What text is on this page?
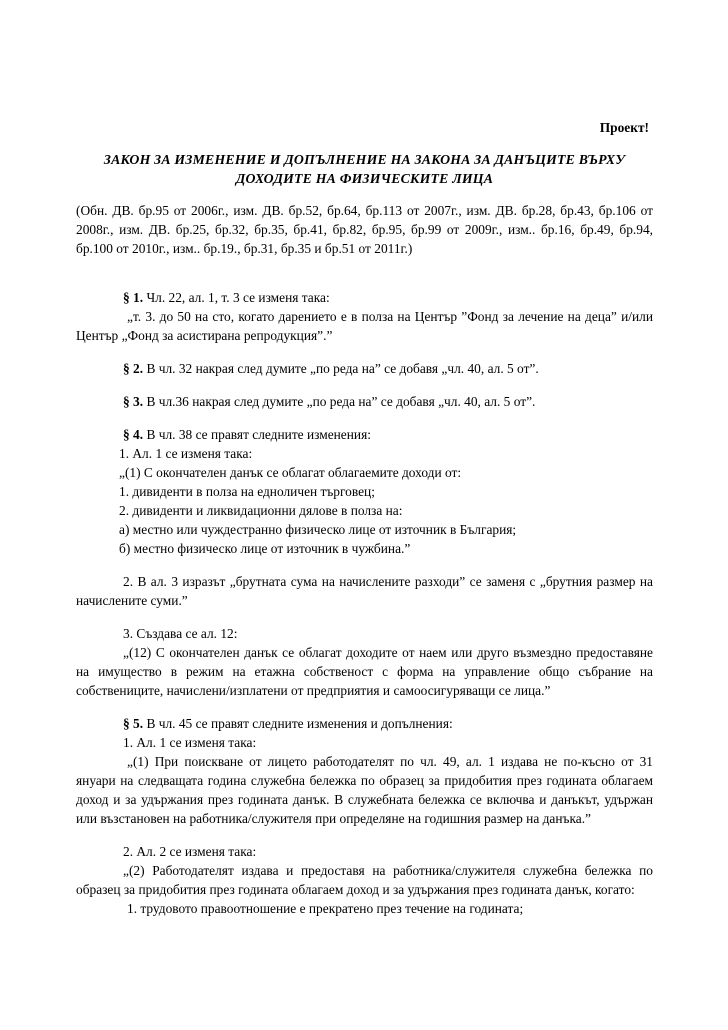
Проект!
ЗАКОН ЗА ИЗМЕНЕНИЕ И ДОПЪЛНЕНИЕ НА ЗАКОНА ЗА ДАНЪЦИТЕ ВЪРХУ ДОХОДИТЕ НА ФИЗИЧЕСКИТЕ ЛИЦА

(Обн. ДВ. бр.95 от 2006г., изм. ДВ. бр.52, бр.64, бр.113 от 2007г., изм. ДВ. бр.28, бр.43, бр.106 от 2008г., изм. ДВ. бр.25, бр.32, бр.35, бр.41, бр.82, бр.95, бр.99 от 2009г., изм.. бр.16, бр.49, бр.94, бр.100 от 2010г., изм.. бр.19., бр.31, бр.35 и бр.51 от 2011г.)

§ 1. Чл. 22, ал. 1, т. 3 се изменя така:

„т. 3. до 50 на сто, когато дарението е в полза на Център ”Фонд за лечение на деца” и/или Център „Фонд за асистирана репродукция”.”

§ 2. В чл. 32 накрая след думите „по реда на” се добавя „чл. 40, ал. 5 от”.

§ 3. В чл.36 накрая след думите „по реда на” се добавя „чл. 40, ал. 5 от”.

§ 4. В чл. 38 се правят следните изменения:

1. Ал. 1 се изменя така:

„(1) С окончателен данък се облагат облагаемите доходи от:

1. дивиденти в полза на едноличен търговец;

2. дивиденти и ликвидационни дялове в полза на:

а) местно или чуждестранно физическо лице от източник в България;

б) местно физическо лице от източник в чужбина.”

2. В ал. 3 изразът „брутната сума на начислените разходи” се заменя с „брутния размер на начислените суми.”

3. Създава се ал. 12:

„(12) С окончателен данък се облагат доходите от наем или друго възмездно предоставяне на имущество в режим на етажна собственост с форма на управление общо събрание на собствениците, начислени/изплатени от предприятия и самоосигуряващи се лица.”

§ 5. В чл. 45 се правят следните изменения и допълнения:

1. Ал. 1 се изменя така:

„(1) При поискване от лицето работодателят по чл. 49, ал. 1 издава не по-късно от 31 януари на следващата година служебна бележка по образец за придобития през годината облагаем доход и за удържания през годината данък. В служебната бележка се включва и данъкът, удържан или възстановен на работника/служителя при определяне на годишния размер на данъка.”

2. Ал. 2 се изменя така:

„(2) Работодателят издава и предоставя на работника/служителя служебна бележка по образец за придобития през годината облагаем доход и за удържания през годината данък, когато:

1. трудовото правоотношение е прекратено през течение на годината;
